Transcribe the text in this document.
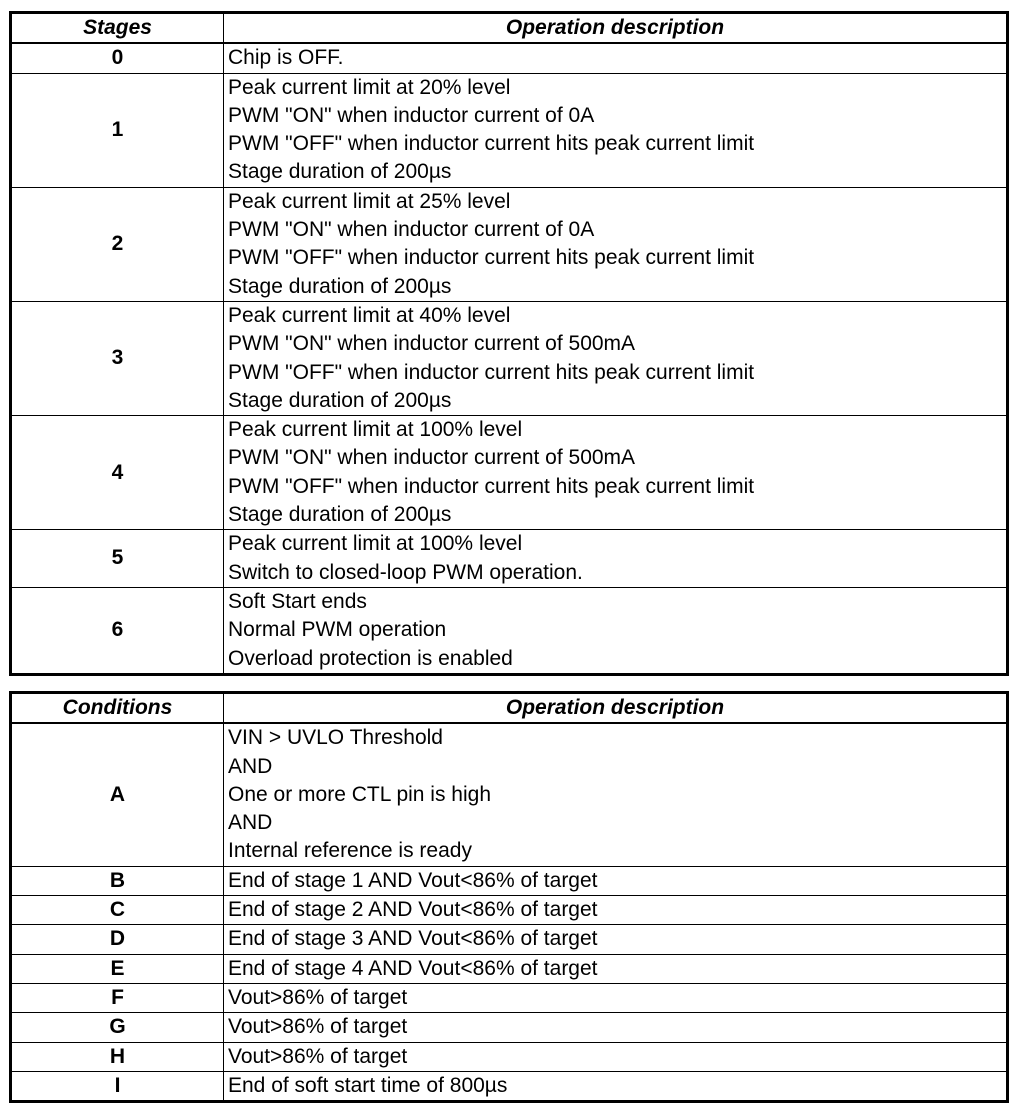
Stages	Operation description
0	Chip is OFF.

1	Peak current limit at 20% level
PWM "ON" when inductor current of 0A
PWM "OFF" when inductor current hits peak current limit
Stage duration of 200µs

2	Peak current limit at 25% level
PWM "ON" when inductor current of 0A
PWM "OFF" when inductor current hits peak current limit
Stage duration of 200µs

3	Peak current limit at 40% level
PWM "ON" when inductor current of 500mA
PWM "OFF" when inductor current hits peak current limit
Stage duration of 200µs

4	Peak current limit at 100% level
PWM "ON" when inductor current of 500mA
PWM "OFF" when inductor current hits peak current limit
Stage duration of 200µs

5	Peak current limit at 100% level
Switch to closed-loop PWM operation.

6	Soft Start ends
Normal PWM operation
Overload protection is enabled
Conditions	Operation description
A	VIN > UVLO Threshold
AND
One or more CTL pin is high
AND
Internal reference is ready

B	End of stage 1 AND Vout<86% of target

C	End of stage 2 AND Vout<86% of target

D	End of stage 3 AND Vout<86% of target

E	End of stage 4 AND Vout<86% of target

F	Vout>86% of target

G	Vout>86% of target

H	Vout>86% of target

I	End of soft start time of 800µs
